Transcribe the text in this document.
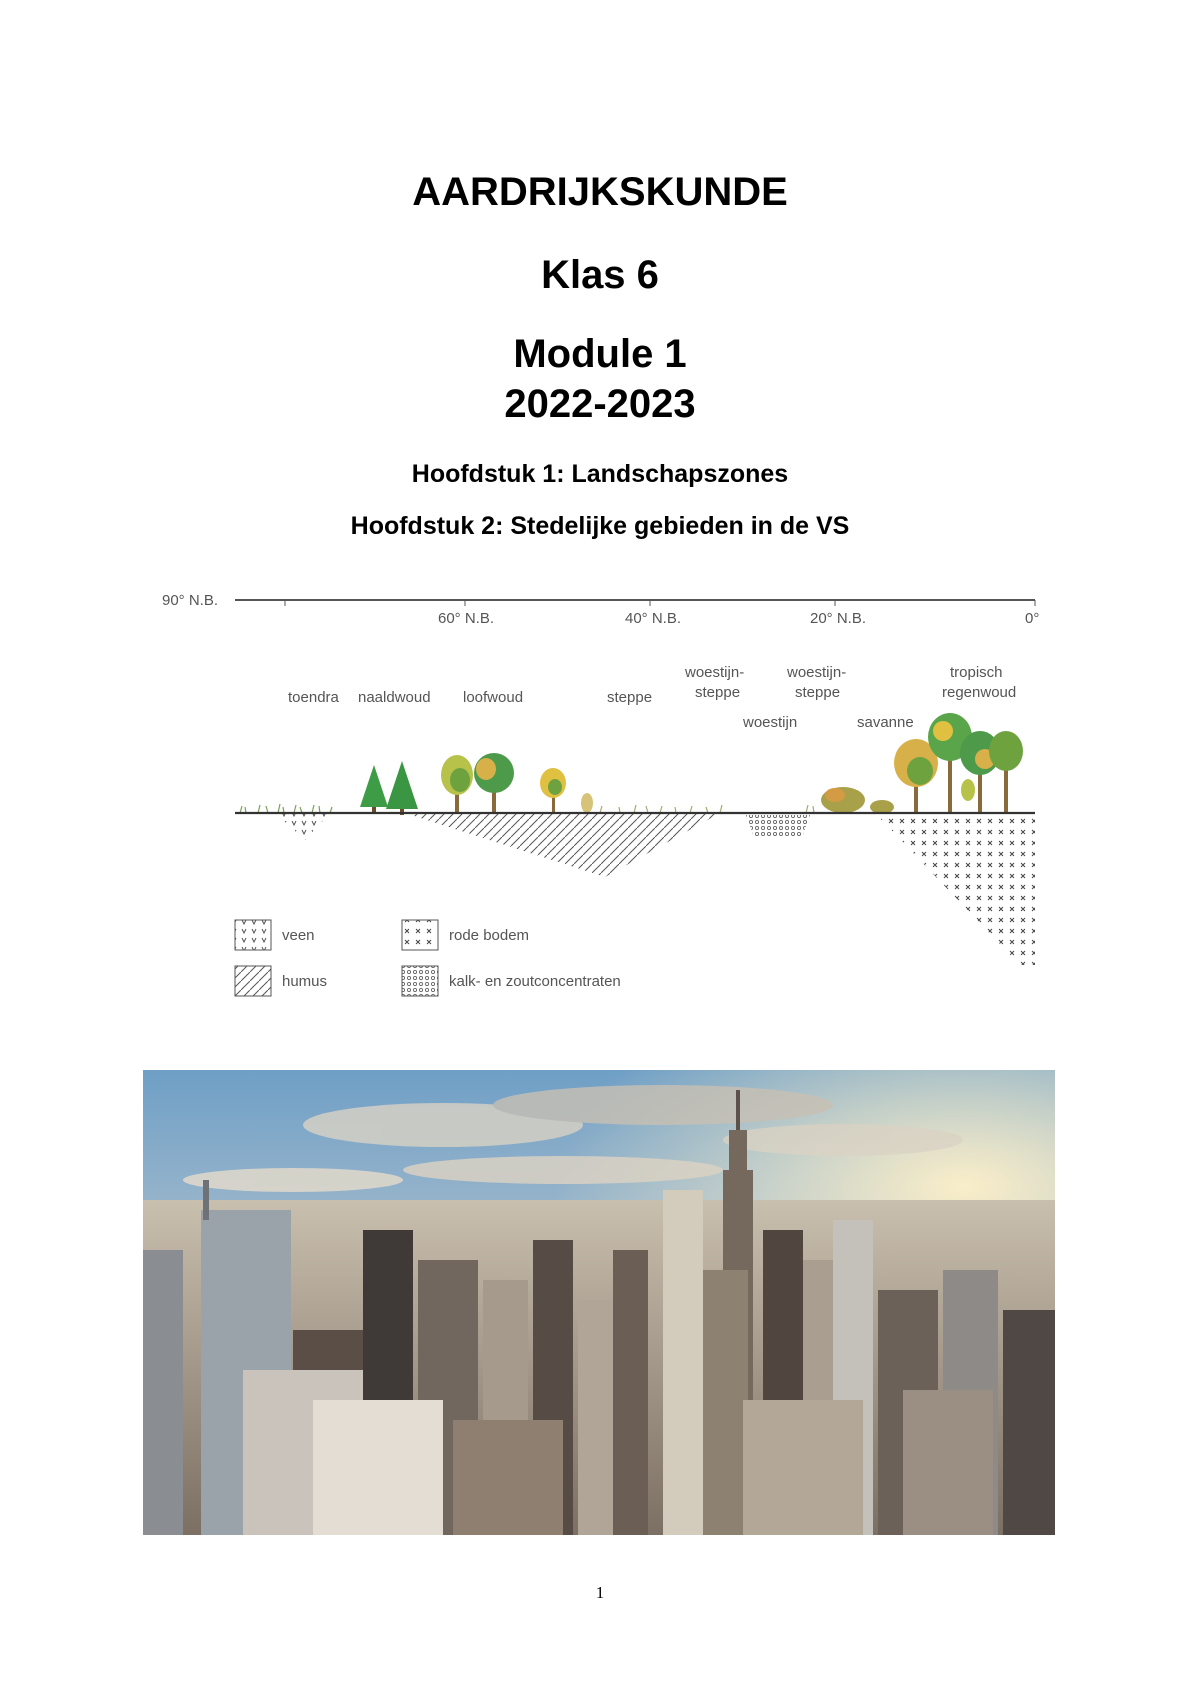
AARDRIJKSKUNDE
Klas 6
Module 1
2022-2023
Hoofdstuk 1: Landschapszones
Hoofdstuk 2: Stedelijke gebieden in de VS
90° N.B.
60° N.B.	40° N.B.	20° N.B.	0°
toendra naaldwoud loofwoud	steppe
woestijn-
steppe
woestijn-
steppe
woestijn	savanne
tropisch
regenwoud
veen
humus
rode bodem
kalk- en zoutconcentraten
1
